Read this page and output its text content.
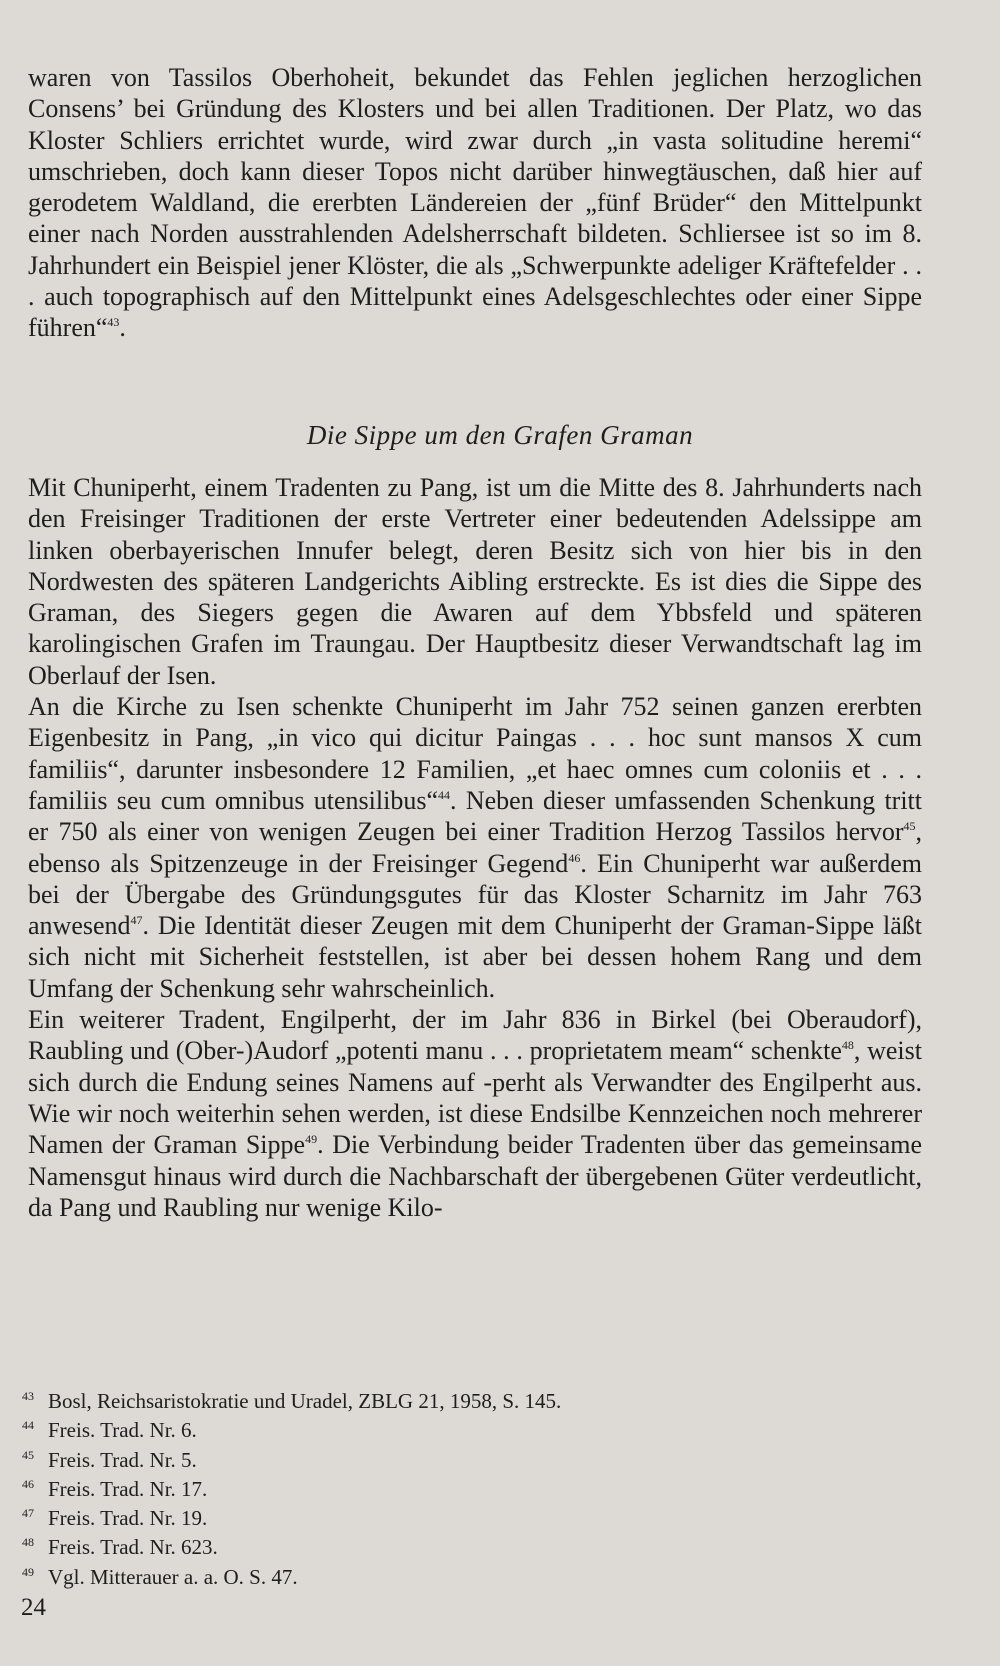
waren von Tassilos Oberhoheit, bekundet das Fehlen jeglichen herzoglichen Consens’ bei Gründung des Klosters und bei allen Traditionen. Der Platz, wo das Kloster Schliers errichtet wurde, wird zwar durch „in vasta solitudine heremi“ umschrieben, doch kann dieser Topos nicht darüber hinwegtäuschen, daß hier auf gerodetem Waldland, die ererbten Ländereien der „fünf Brüder“ den Mittelpunkt einer nach Norden ausstrahlenden Adelsherrschaft bildeten. Schliersee ist so im 8. Jahrhundert ein Beispiel jener Klöster, die als „Schwerpunkte adeliger Kräftefelder . . . auch topographisch auf den Mittelpunkt eines Adelsgeschlechtes oder einer Sippe führen“$^{43}$.

Die Sippe um den Grafen Graman

Mit Chuniperht, einem Tradenten zu Pang, ist um die Mitte des 8. Jahrhunderts nach den Freisinger Traditionen der erste Vertreter einer bedeutenden Adelssippe am linken oberbayerischen Innufer belegt, deren Besitz sich von hier bis in den Nordwesten des späteren Landgerichts Aibling erstreckte. Es ist dies die Sippe des Graman, des Siegers gegen die Awaren auf dem Ybbsfeld und späteren karolingischen Grafen im Traungau. Der Hauptbesitz dieser Verwandtschaft lag im Oberlauf der Isen.

An die Kirche zu Isen schenkte Chuniperht im Jahr 752 seinen ganzen ererbten Eigenbesitz in Pang, „in vico qui dicitur Paingas . . . hoc sunt mansos X cum familiis“, darunter insbesondere 12 Familien, „et haec omnes cum coloniis et . . . familiis seu cum omnibus utensilibus“$^{44}$. Neben dieser umfassenden Schenkung tritt er 750 als einer von wenigen Zeugen bei einer Tradition Herzog Tassilos hervor$^{45}$, ebenso als Spitzenzeuge in der Freisinger Gegend$^{46}$. Ein Chuniperht war außerdem bei der Übergabe des Gründungsgutes für das Kloster Scharnitz im Jahr 763 anwesend$^{47}$. Die Identität dieser Zeugen mit dem Chuniperht der Graman-Sippe läßt sich nicht mit Sicherheit feststellen, ist aber bei dessen hohem Rang und dem Umfang der Schenkung sehr wahrscheinlich.

Ein weiterer Tradent, Engilperht, der im Jahr 836 in Birkel (bei Oberaudorf), Raubling und (Ober-)Audorf „potenti manu . . . proprietatem meam“ schenkte$^{48}$, weist sich durch die Endung seines Namens auf -perht als Verwandter des Engilperht aus. Wie wir noch weiterhin sehen werden, ist diese Endsilbe Kennzeichen noch mehrerer Namen der Graman Sippe$^{49}$. Die Verbindung beider Tradenten über das gemeinsame Namensgut hinaus wird durch die Nachbarschaft der übergebenen Güter verdeutlicht, da Pang und Raubling nur wenige Kilo-

43 Bosl, Reichsaristokratie und Uradel, ZBLG 21, 1958, S. 145.
44 Freis. Trad. Nr. 6.
45 Freis. Trad. Nr. 5.
46 Freis. Trad. Nr. 17.
47 Freis. Trad. Nr. 19.
48 Freis. Trad. Nr. 623.
49 Vgl. Mitterauer a. a. O. S. 47.
24
